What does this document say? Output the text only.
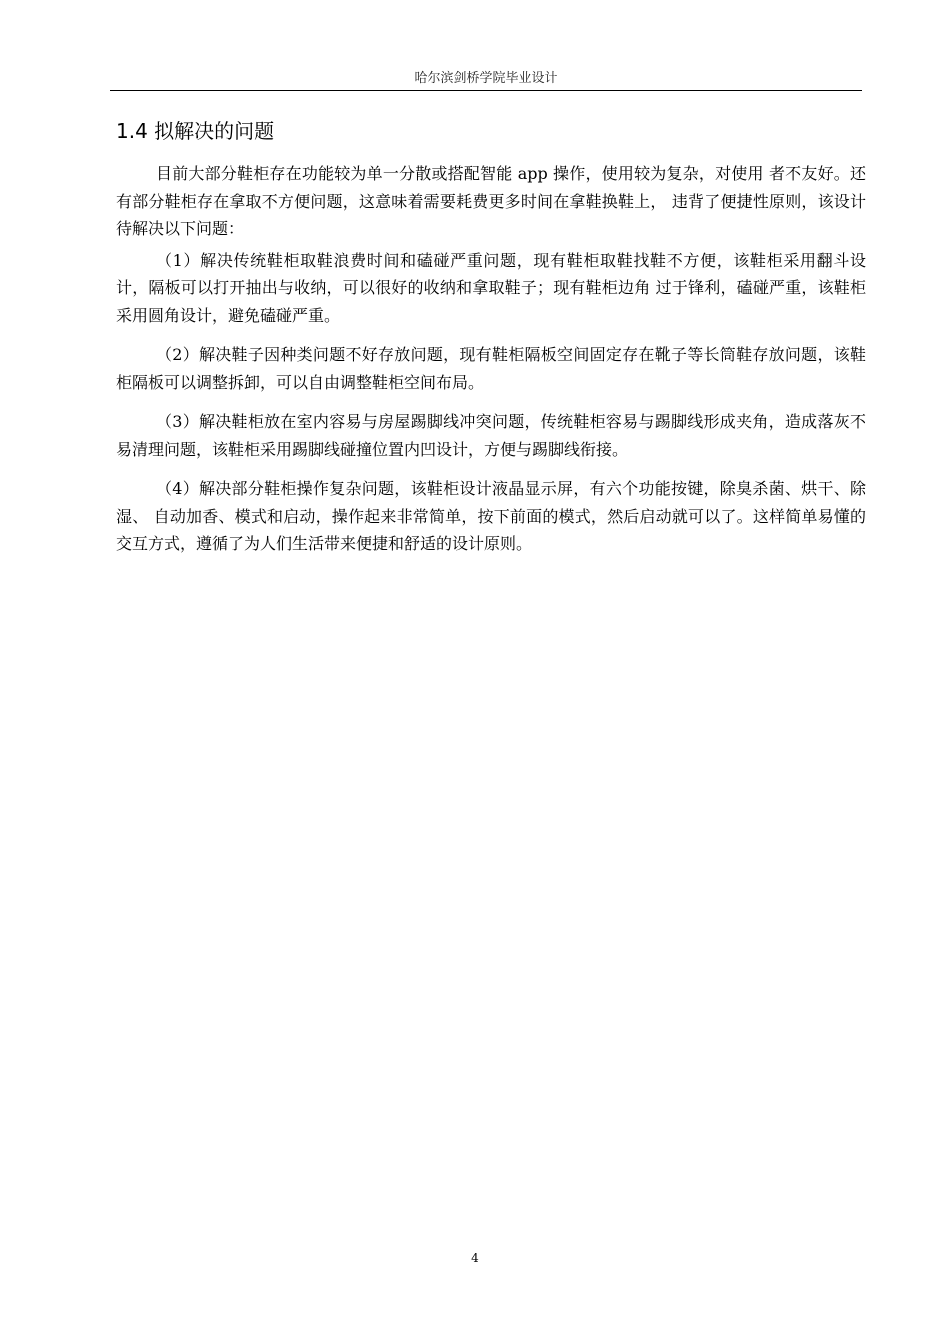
哈尔滨剑桥学院毕业设计
1.4 拟解决的问题

目前大部分鞋柜存在功能较为单一分散或搭配智能 app 操作，使用较为复杂，对使用 者不友好。还有部分鞋柜存在拿取不方便问题，这意味着需要耗费更多时间在拿鞋换鞋上， 违背了便捷性原则，该设计待解决以下问题：

（1）解决传统鞋柜取鞋浪费时间和磕碰严重问题，现有鞋柜取鞋找鞋不方便，该鞋柜采用翻斗设计，隔板可以打开抽出与收纳，可以很好的收纳和拿取鞋子；现有鞋柜边角 过于锋利，磕碰严重，该鞋柜采用圆角设计，避免磕碰严重。

（2）解决鞋子因种类问题不好存放问题，现有鞋柜隔板空间固定存在靴子等长筒鞋存放问题，该鞋柜隔板可以调整拆卸，可以自由调整鞋柜空间布局。

（3）解决鞋柜放在室内容易与房屋踢脚线冲突问题，传统鞋柜容易与踢脚线形成夹角，造成落灰不易清理问题，该鞋柜采用踢脚线碰撞位置内凹设计，方便与踢脚线衔接。

（4）解决部分鞋柜操作复杂问题，该鞋柜设计液晶显示屏，有六个功能按键，除臭杀菌、烘干、除湿、 自动加香、模式和启动，操作起来非常简单，按下前面的模式，然后启动就可以了。这样简单易懂的交互方式，遵循了为人们生活带来便捷和舒适的设计原则。

4
